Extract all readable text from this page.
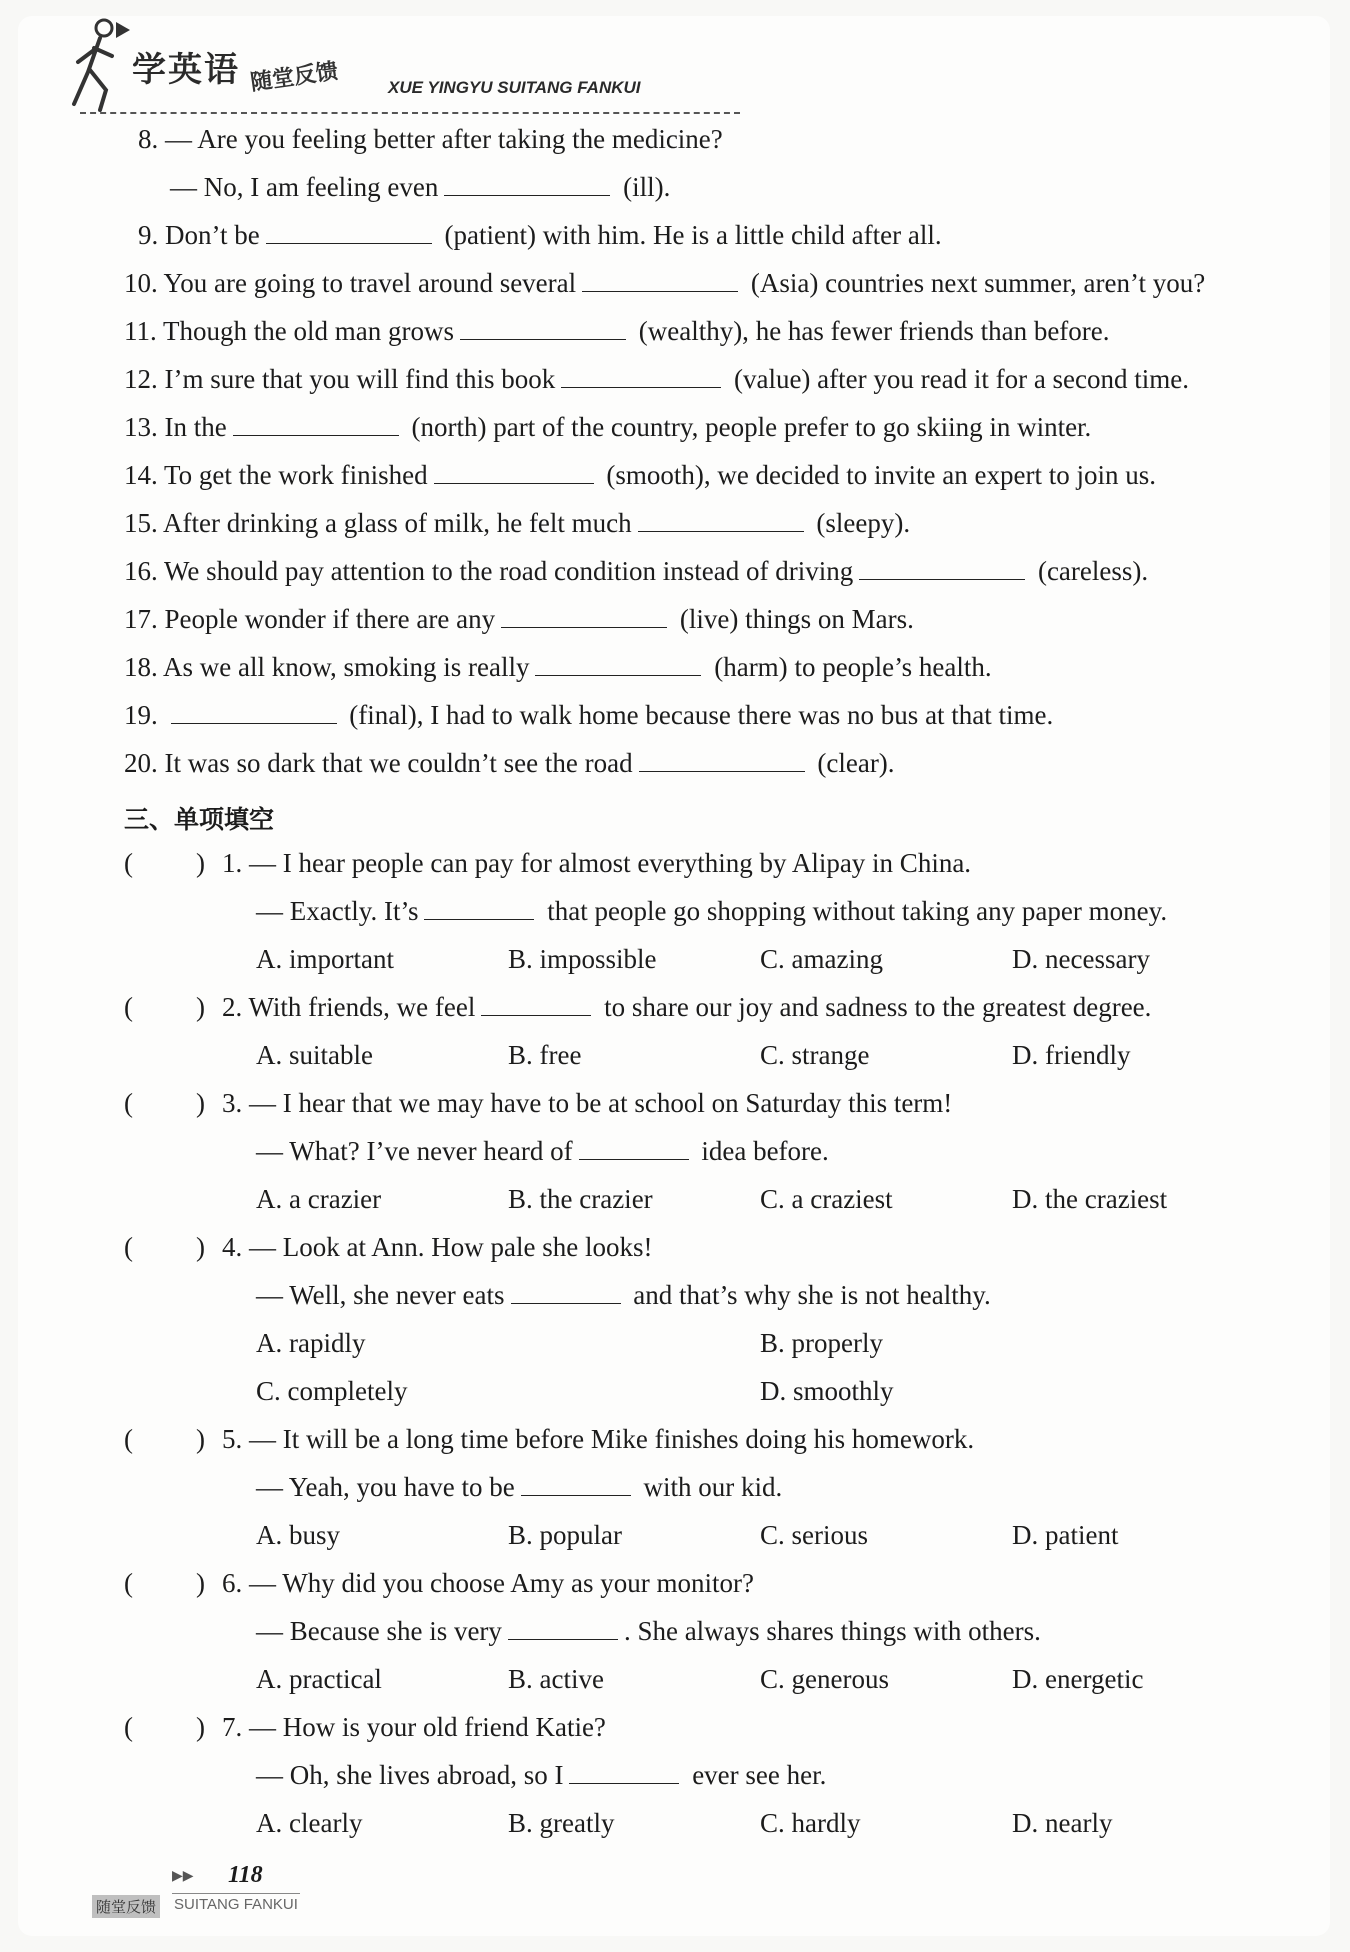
学英语 随堂反馈	XUE YINGYU SUITANG FANKUI
8. — Are you feeling better after taking the medicine?
— No, I am feeling even	(ill).
9. Don’t be	(patient) with him. He is a little child after all.
10. You are going to travel around several	(Asia) countries next summer, aren’t you?
11. Though the old man grows	(wealthy), he has fewer friends than before.
12. I’m sure that you will find this book	(value) after you read it for a second time.
13. In the	(north) part of the country, people prefer to go skiing in winter.
14. To get the work finished	(smooth), we decided to invite an expert to join us.
15. After drinking a glass of milk, he felt much	(sleepy).
16. We should pay attention to the road condition instead of driving	(careless).
17. People wonder if there are any	(live) things on Mars.
18. As we all know, smoking is really	(harm) to people’s health.
19.	(final), I had to walk home because there was no bus at that time.
20. It was so dark that we couldn’t see the road	(clear).
三、单项填空
( ) 1. — I hear people can pay for almost everything by Alipay in China.
— Exactly. It’s	that people go shopping without taking any paper money.
A. important	B. impossible	C. amazing	D. necessary
( ) 2. With friends, we feel	to share our joy and sadness to the greatest degree.
A. suitable	B. free	C. strange	D. friendly
( ) 3. — I hear that we may have to be at school on Saturday this term!
— What? I’ve never heard of	idea before.
A. a crazier	B. the crazier	C. a craziest	D. the craziest
( ) 4. — Look at Ann. How pale she looks!
— Well, she never eats	and that’s why she is not healthy.
A. rapidly	B. properly
C. completely	D. smoothly
( ) 5. — It will be a long time before Mike finishes doing his homework.
— Yeah, you have to be	with our kid.
A. busy	B. popular	C. serious	D. patient
( ) 6. — Why did you choose Amy as your monitor?
— Because she is very	. She always shares things with others.
A. practical	B. active	C. generous	D. energetic
( ) 7. — How is your old friend Katie?
— Oh, she lives abroad, so I	ever see her.
A. clearly	B. greatly	C. hardly	D. nearly
▶▶ 118
随堂反馈 SUITANG FANKUI
